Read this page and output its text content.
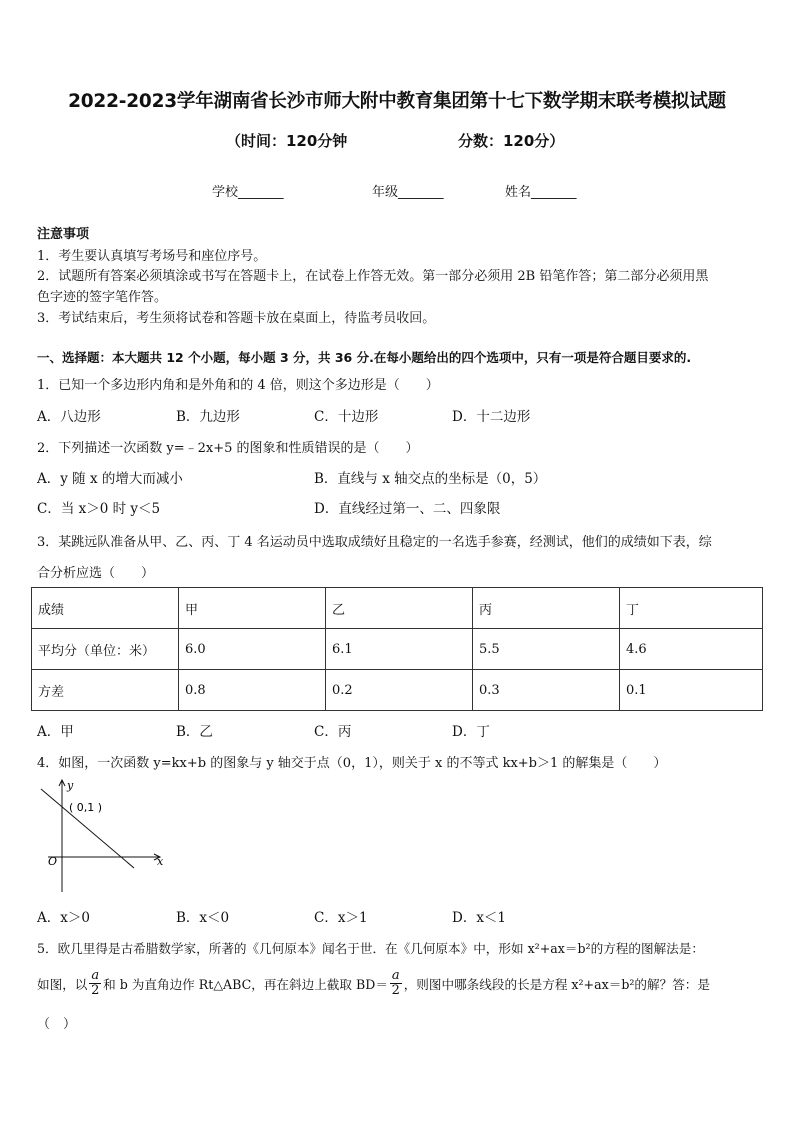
2022-2023学年湖南省长沙市师大附中教育集团第十七下数学期末联考模拟试题
（时间：120分钟	分数：120分）
学校_______	年级_______	姓名_______
注意事项
1．考生要认真填写考场号和座位序号。
2．试题所有答案必须填涂或书写在答题卡上，在试卷上作答无效。第一部分必须用 2B 铅笔作答；第二部分必须用黑
色字迹的签字笔作答。
3．考试结束后，考生须将试卷和答题卡放在桌面上，待监考员收回。
一、选择题：本大题共 12 个小题，每小题 3 分，共 36 分.在每小题给出的四个选项中，只有一项是符合题目要求的.
1．已知一个多边形内角和是外角和的 4 倍，则这个多边形是（　　）
A．八边形	B．九边形	C．十边形	D．十二边形
2．下列描述一次函数 y=﹣2x+5 的图象和性质错误的是（　　）
A．y 随 x 的增大而减小	B．直线与 x 轴交点的坐标是（0，5）
C．当 x＞0 时 y＜5	D．直线经过第一、二、四象限
3．某跳远队准备从甲、乙、丙、丁 4 名运动员中选取成绩好且稳定的一名选手参赛，经测试，他们的成绩如下表，综
合分析应选（　　）
成绩	甲	乙	丙	丁
平均分（单位：米）	6.0	6.1	5.5	4.6
方差	0.8	0.2	0.3	0.1
A．甲	B．乙	C．丙	D．丁
4．如图，一次函数 y=kx+b 的图象与 y 轴交于点（0，1），则关于 x 的不等式 kx+b＞1 的解集是（　　）
y
x
O
( 0,1 )
A．x＞0	B．x＜0	C．x＞1	D．x＜1
5．欧几里得是古希腊数学家，所著的《几何原本》闻名于世．在《几何原本》中，形如 x²+ax＝b²的方程的图解法是：
如图，以 $\frac{a}{2}$ 和 b 为直角边作 Rt△ABC，再在斜边上截取 $BD= \frac{a}{2}$ ，则图中哪条线段的长是方程 x²+ax＝b²的解？答：是
（　）
